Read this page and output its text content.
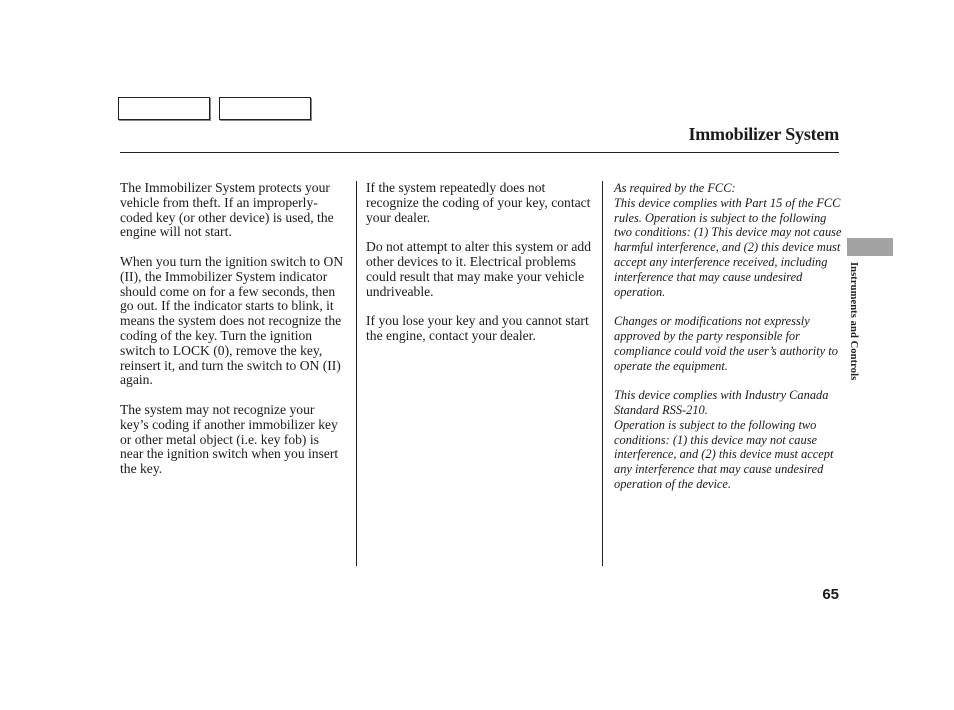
Immobilizer System

The Immobilizer System protects your vehicle from theft. If an improperly-coded key (or other device) is used, the engine will not start.

When you turn the ignition switch to ON (II), the Immobilizer System indicator should come on for a few seconds, then go out. If the indicator starts to blink, it means the system does not recognize the coding of the key. Turn the ignition switch to LOCK (0), remove the key, reinsert it, and turn the switch to ON (II) again.

The system may not recognize your key’s coding if another immobilizer key or other metal object (i.e. key fob) is near the ignition switch when you insert the key.

If the system repeatedly does not recognize the coding of your key, contact your dealer.

Do not attempt to alter this system or add other devices to it. Electrical problems could result that may make your vehicle undriveable.

If you lose your key and you cannot start the engine, contact your dealer.

As required by the FCC:
This device complies with Part 15 of the FCC rules. Operation is subject to the following two conditions: (1) This device may not cause harmful interference, and (2) this device must accept any interference received, including interference that may cause undesired operation.

Changes or modifications not expressly approved by the party responsible for compliance could void the user’s authority to operate the equipment.

This device complies with Industry Canada Standard RSS-210.
Operation is subject to the following two conditions: (1) this device may not cause interference, and (2) this device must accept any interference that may cause undesired operation of the device.

Instruments and Controls
65
